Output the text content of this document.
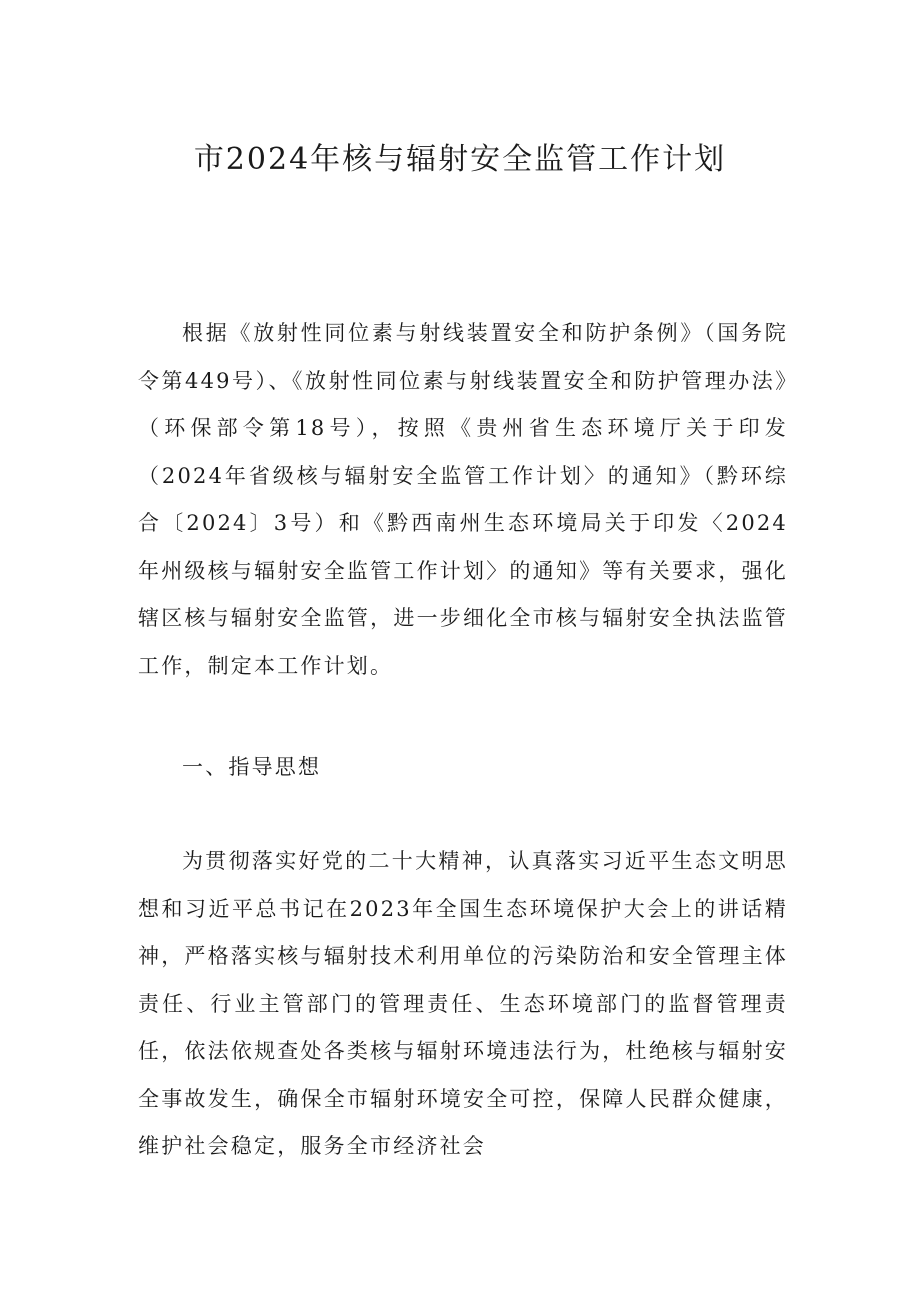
市2024年核与辐射安全监管工作计划

根据《放射性同位素与射线装置安全和防护条例》（国务院令第449号）、《放射性同位素与射线装置安全和防护管理办法》（环保部令第18号），按照《贵州省生态环境厅关于印发（2024年省级核与辐射安全监管工作计划〉的通知》（黔环综合〔2024〕3号）和《黔西南州生态环境局关于印发〈2024年州级核与辐射安全监管工作计划〉的通知》等有关要求，强化辖区核与辐射安全监管，进一步细化全市核与辐射安全执法监管工作，制定本工作计划。

一、指导思想

为贯彻落实好党的二十大精神，认真落实习近平生态文明思想和习近平总书记在2023年全国生态环境保护大会上的讲话精神，严格落实核与辐射技术利用单位的污染防治和安全管理主体责任、行业主管部门的管理责任、生态环境部门的监督管理责任，依法依规查处各类核与辐射环境违法行为，杜绝核与辐射安全事故发生，确保全市辐射环境安全可控，保障人民群众健康，维护社会稳定，服务全市经济社会
